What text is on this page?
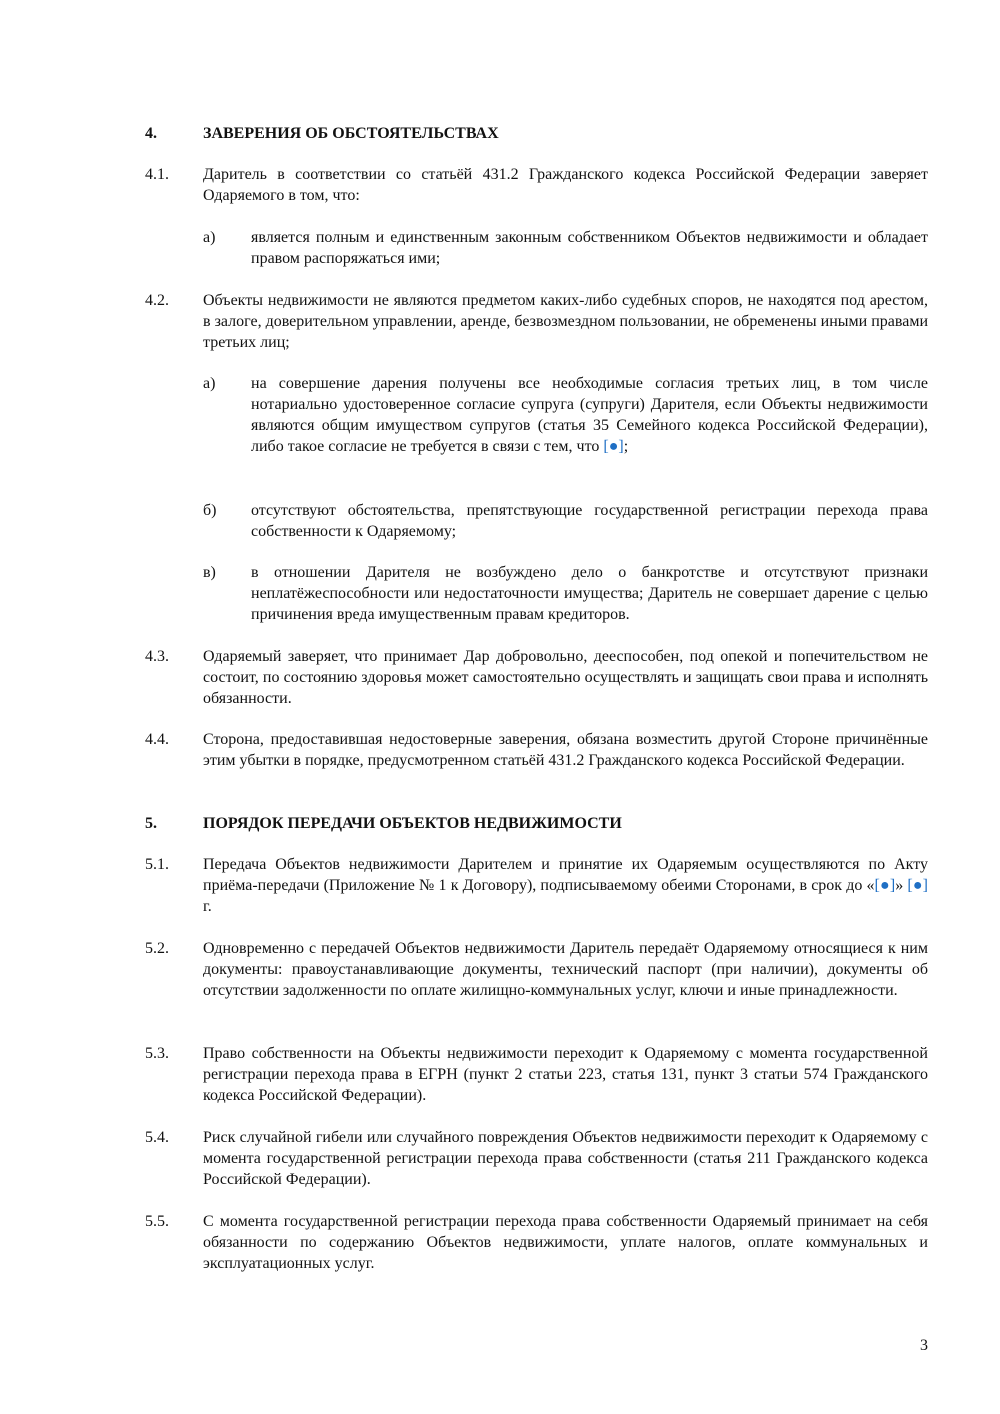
4.	ЗАВЕРЕНИЯ ОБ ОБСТОЯТЕЛЬСТВАХ
4.1. Даритель в соответствии со статьёй 431.2 Гражданского кодекса Российской Федерации заверяет Одаряемого в том, что:
а) является полным и единственным законным собственником Объектов недвижимости и обладает правом распоряжаться ими;
4.2. Объекты недвижимости не являются предметом каких-либо судебных споров, не находятся под арестом, в залоге, доверительном управлении, аренде, безвозмездном пользовании, не обременены иными правами третьих лиц;
а) на совершение дарения получены все необходимые согласия третьих лиц, в том числе нотариально удостоверенное согласие супруга (супруги) Дарителя, если Объекты недвижимости являются общим имуществом супругов (статья 35 Семейного кодекса Российской Федерации), либо такое согласие не требуется в связи с тем, что [●];
б) отсутствуют обстоятельства, препятствующие государственной регистрации перехода права собственности к Одаряемому;
в) в отношении Дарителя не возбуждено дело о банкротстве и отсутствуют признаки неплатёжеспособности или недостаточности имущества; Даритель не совершает дарение с целью причинения вреда имущественным правам кредиторов.
4.3. Одаряемый заверяет, что принимает Дар добровольно, дееспособен, под опекой и попечительством не состоит, по состоянию здоровья может самостоятельно осуществлять и защищать свои права и исполнять обязанности.
4.4. Сторона, предоставившая недостоверные заверения, обязана возместить другой Стороне причинённые этим убытки в порядке, предусмотренном статьёй 431.2 Гражданского кодекса Российской Федерации.
5.	ПОРЯДОК ПЕРЕДАЧИ ОБЪЕКТОВ НЕДВИЖИМОСТИ
5.1. Передача Объектов недвижимости Дарителем и принятие их Одаряемым осуществляются по Акту приёма-передачи (Приложение № 1 к Договору), подписываемому обеими Сторонами, в срок до «[●]» [●] г.
5.2. Одновременно с передачей Объектов недвижимости Даритель передаёт Одаряемому относящиеся к ним документы: правоустанавливающие документы, технический паспорт (при наличии), документы об отсутствии задолженности по оплате жилищно-коммунальных услуг, ключи и иные принадлежности.
5.3. Право собственности на Объекты недвижимости переходит к Одаряемому с момента государственной регистрации перехода права в ЕГРН (пункт 2 статьи 223, статья 131, пункт 3 статьи 574 Гражданского кодекса Российской Федерации).
5.4. Риск случайной гибели или случайного повреждения Объектов недвижимости переходит к Одаряемому с момента государственной регистрации перехода права собственности (статья 211 Гражданского кодекса Российской Федерации).
5.5. С момента государственной регистрации перехода права собственности Одаряемый принимает на себя обязанности по содержанию Объектов недвижимости, уплате налогов, оплате коммунальных и эксплуатационных услуг.
3
